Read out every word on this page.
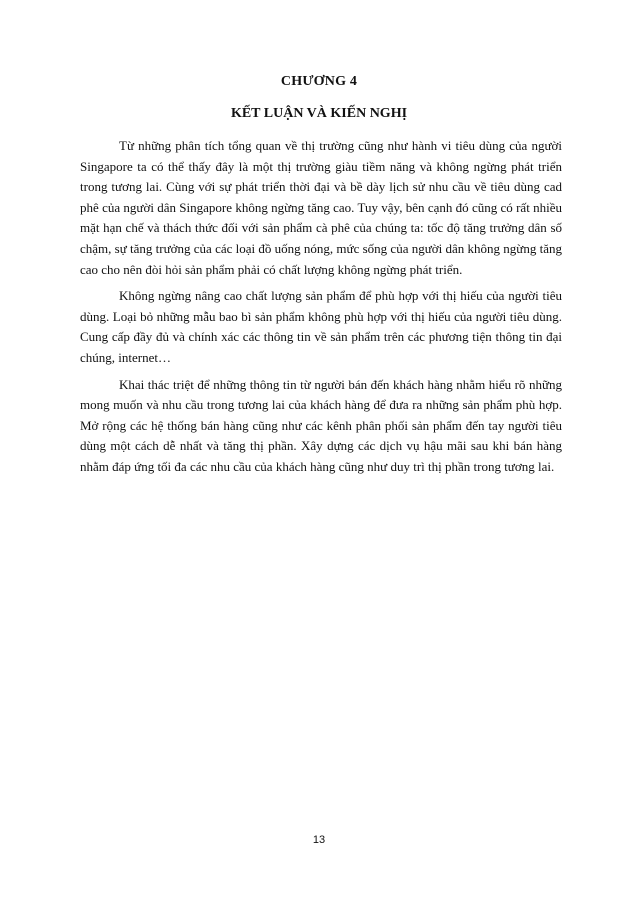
CHƯƠNG 4
KẾT LUẬN VÀ KIẾN NGHỊ

Từ những phân tích tổng quan về thị trường cũng như hành vi tiêu dùng của người Singapore ta có thể thấy đây là một thị trường giàu tiềm năng và không ngừng phát triển trong tương lai. Cùng với sự phát triển thời đại và bề dày lịch sử nhu cầu về tiêu dùng cad phê của người dân Singapore không ngừng tăng cao. Tuy vậy, bên cạnh đó cũng có rất nhiều mặt hạn chế và thách thức đối với sản phẩm cà phê của chúng ta: tốc độ tăng trưởng dân số chậm, sự tăng trưởng của các loại đồ uống nóng, mức sống của người dân không ngừng tăng cao cho nên đòi hỏi sản phẩm phải có chất lượng không ngừng phát triển.

Không ngừng nâng cao chất lượng sản phẩm để phù hợp với thị hiếu của người tiêu dùng. Loại bỏ những mẫu bao bì sản phẩm không phù hợp với thị hiếu của người tiêu dùng. Cung cấp đầy đủ và chính xác các thông tin về sản phẩm trên các phương tiện thông tin đại chúng, internet…

Khai thác triệt để những thông tin từ người bán đến khách hàng nhằm hiểu rõ những mong muốn và nhu cầu trong tương lai của khách hàng để đưa ra những sản phẩm phù hợp. Mở rộng các hệ thống bán hàng cũng như các kênh phân phối sản phẩm đến tay người tiêu dùng một cách dễ nhất và tăng thị phần. Xây dựng các dịch vụ hậu mãi sau khi bán hàng nhằm đáp ứng tối đa các nhu cầu của khách hàng cũng như duy trì thị phần trong tương lai.

13
